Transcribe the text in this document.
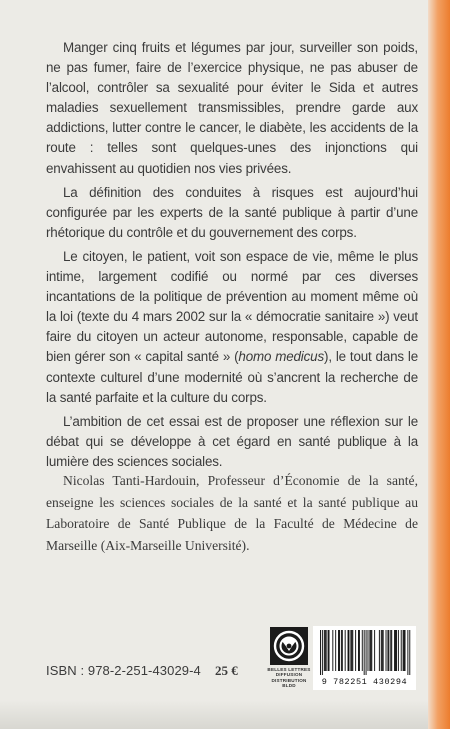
Manger cinq fruits et légumes par jour, surveiller son poids, ne pas fumer, faire de l’exercice physique, ne pas abuser de l’alcool, contrôler sa sexualité pour éviter le Sida et autres maladies sexuellement transmissibles, prendre garde aux addictions, lutter contre le cancer, le diabète, les accidents de la route : telles sont quelques-unes des injonctions qui envahissent au quotidien nos vies privées.

La définition des conduites à risques est aujourd’hui configurée par les experts de la santé publique à partir d’une rhétorique du contrôle et du gouvernement des corps.

Le citoyen, le patient, voit son espace de vie, même le plus intime, largement codifié ou normé par ces diverses incantations de la politique de prévention au moment même où la loi (texte du 4 mars 2002 sur la « démocratie sanitaire ») veut faire du citoyen un acteur autonome, responsable, capable de bien gérer son « capital santé » (homo medicus), le tout dans le contexte culturel d’une modernité où s’ancrent la recherche de la santé parfaite et la culture du corps.

L’ambition de cet essai est de proposer une réflexion sur le débat qui se développe à cet égard en santé publique à la lumière des sciences sociales.

Nicolas Tanti-Hardouin, Professeur d’Économie de la santé, enseigne les sciences sociales de la santé et la santé publique au Laboratoire de Santé Publique de la Faculté de Médecine de Marseille (Aix-Marseille Université).
ISBN : 978-2-251-43029-4 25 €	BELLES LETTRES
DIFFUSION
DISTRIBUTION
BLDD	9 782251 430294
